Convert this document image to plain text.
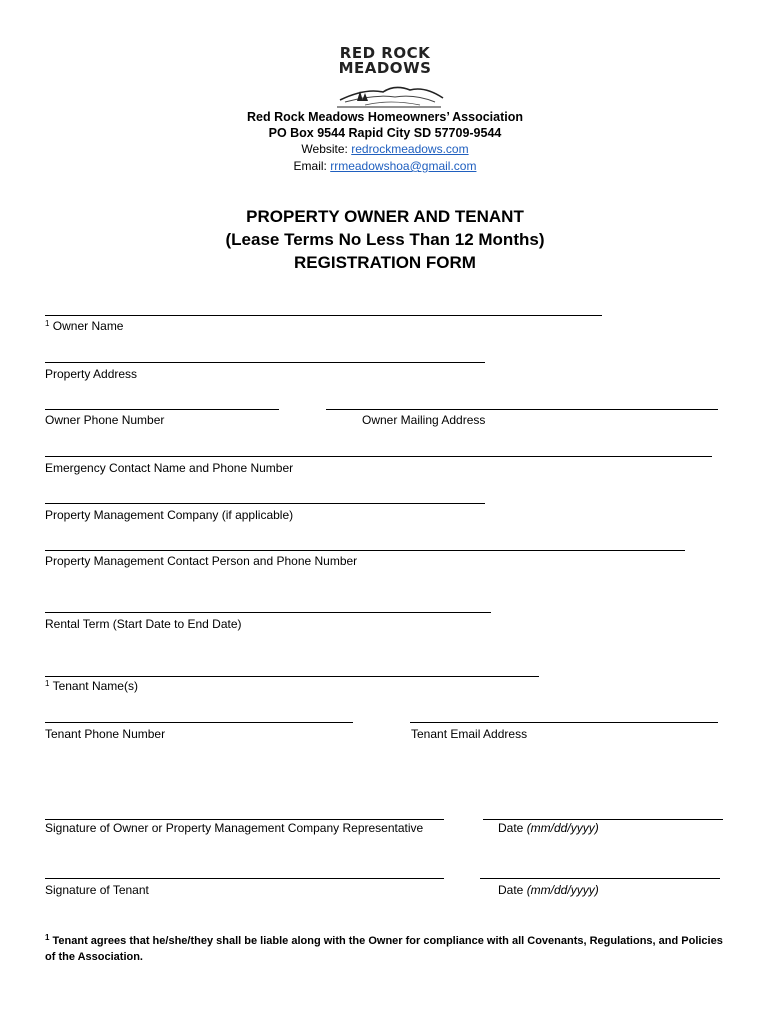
RED ROCK
MEADOWS
Red Rock Meadows Homeowners’ Association
PO Box 9544 Rapid City SD 57709-9544
Website: redrockmeadows.com
Email: rrmeadowshoa@gmail.com
PROPERTY OWNER AND TENANT
(Lease Terms No Less Than 12 Months)
REGISTRATION FORM
$^1$ Owner Name
Property Address
Owner Phone Number	Owner Mailing Address
Emergency Contact Name and Phone Number
Property Management Company (if applicable)
Property Management Contact Person and Phone Number
Rental Term (Start Date to End Date)
$^1$ Tenant Name(s)
Tenant Phone Number	Tenant Email Address
Signature of Owner or Property Management Company Representative	Date (mm/dd/yyyy)
Signature of Tenant	Date (mm/dd/yyyy)
$^1$ Tenant agrees that he/she/they shall be liable along with the Owner for compliance with all Covenants, Regulations, and Policies of the Association.
